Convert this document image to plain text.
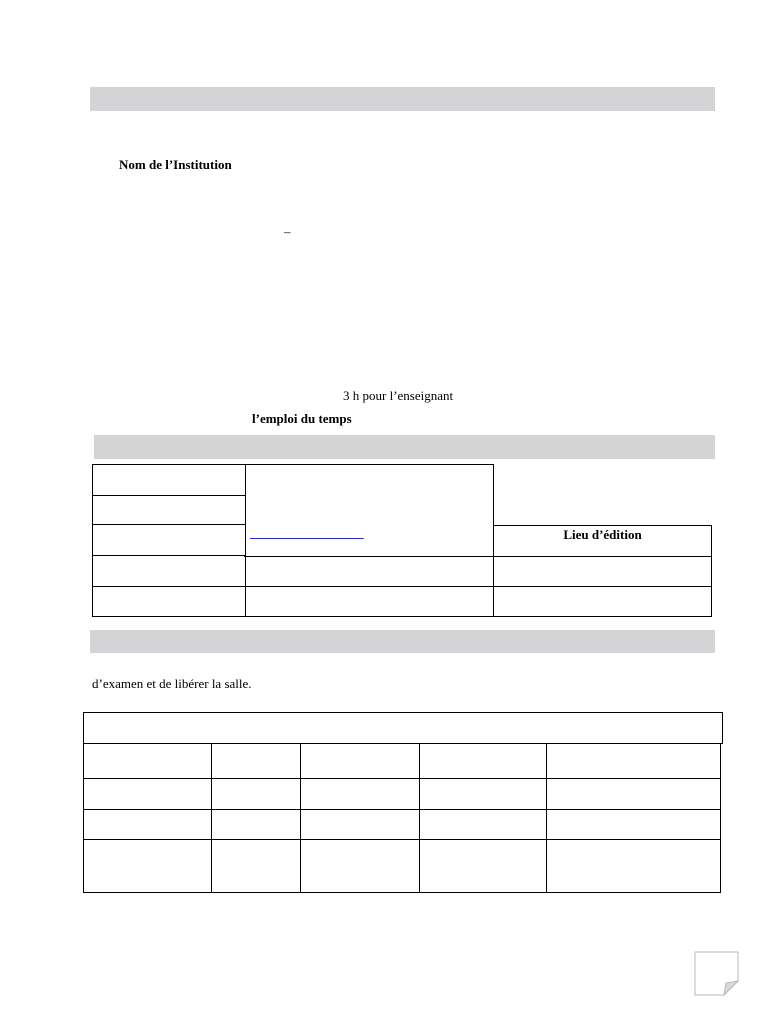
Nom de l’Institution
–
3 h pour l’enseignant
l’emploi du temps

Lieu d’édition
d’examen et de libérer la salle.
